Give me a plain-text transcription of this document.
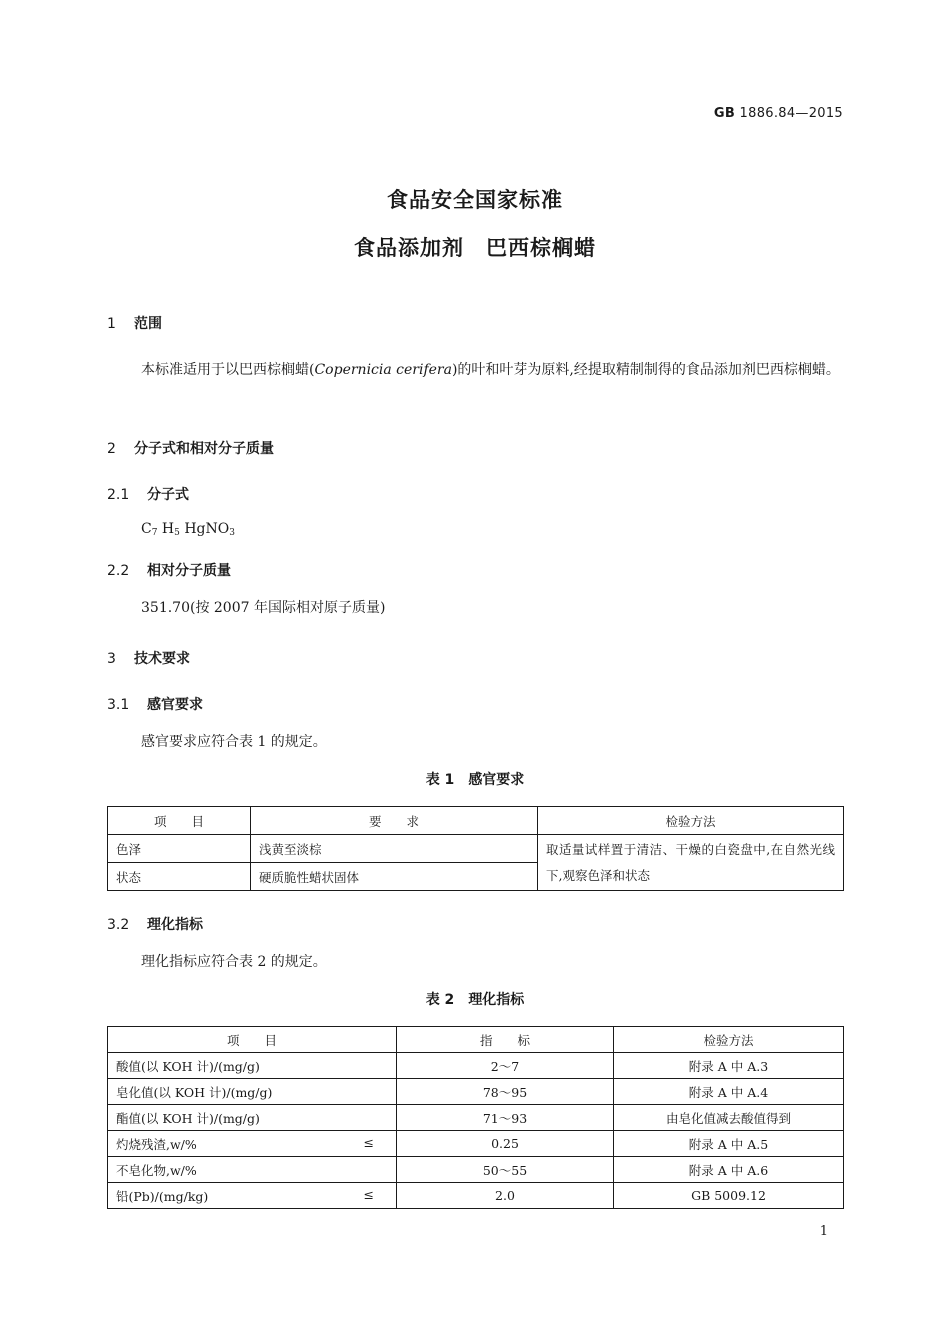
GB 1886.84—2015
食品安全国家标准
食品添加剂　巴西棕榈蜡
1 范围
本标准适用于以巴西棕榈蜡(Copernicia cerifera)的叶和叶芽为原料,经提取精制制得的食品添加剂巴西棕榈蜡。
2 分子式和相对分子质量
2.1 分子式
$C_7$ $H_5$ HgNO$_3$
2.2 相对分子质量
351.70(按 2007 年国际相对原子质量)
3 技术要求
3.1 感官要求
感官要求应符合表 1 的规定。
表 1 感官要求
项　　目	要　　求	检验方法
色泽	浅黄至淡棕	取适量试样置于清洁、干燥的白瓷盘中,在自然光线下,观察色泽和状态
状态	硬质脆性蜡状固体	
3.2 理化指标
理化指标应符合表 2 的规定。
表 2 理化指标
项　　目	指　　标	检验方法
酸值(以 KOH 计)/(mg/g)	2～7	附录 A 中 A.3
皂化值(以 KOH 计)/(mg/g)	78～95	附录 A 中 A.4
酯值(以 KOH 计)/(mg/g)	71～93	由皂化值减去酸值得到
灼烧残渣,w/% ≤	0.25	附录 A 中 A.5
不皂化物,w/%	50～55	附录 A 中 A.6
铅(Pb)/(mg/kg) ≤	2.0	GB 5009.12
1
